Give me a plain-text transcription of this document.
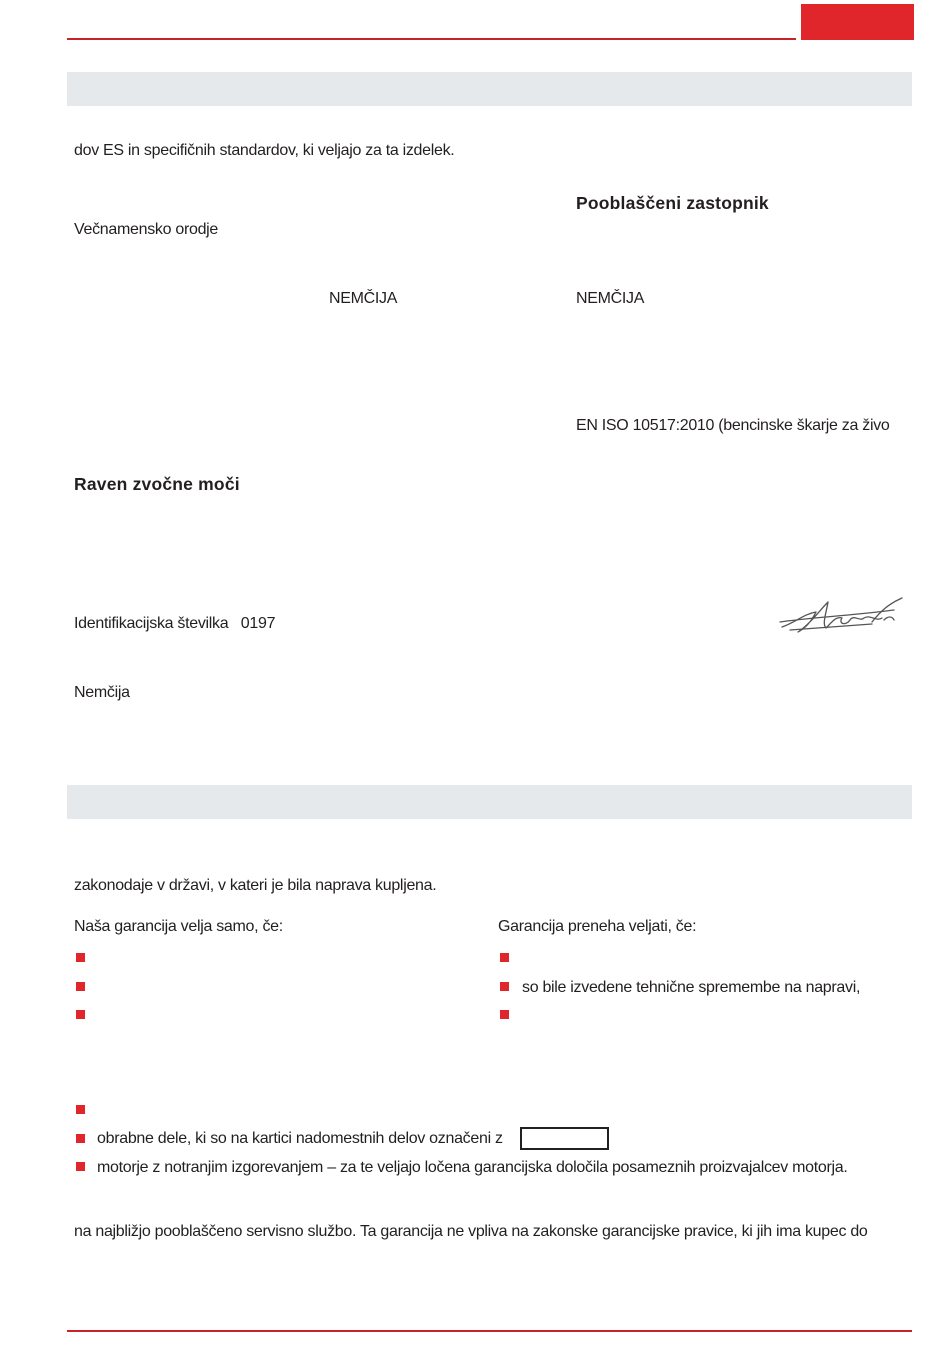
dov ES in specifičnih standardov, ki veljajo za ta izdelek.
Pooblaščeni zastopnik
Večnamensko orodje
NEMČIJA	NEMČIJA
EN ISO 10517:2010 (bencinske škarje za živo
Raven zvočne moči
Identifikacijska številka   0197
Nemčija
zakonodaje v državi, v kateri je bila naprava kupljena.
Naša garancija velja samo, če:	Garancija preneha veljati, če:
so bile izvedene tehnične spremembe na napravi,
obrabne dele, ki so na kartici nadomestnih delov označeni z
motorje z notranjim izgorevanjem – za te veljajo ločena garancijska določila posameznih proizvajalcev motorja.
na najbližjo pooblaščeno servisno službo. Ta garancija ne vpliva na zakonske garancijske pravice, ki jih ima kupec do
